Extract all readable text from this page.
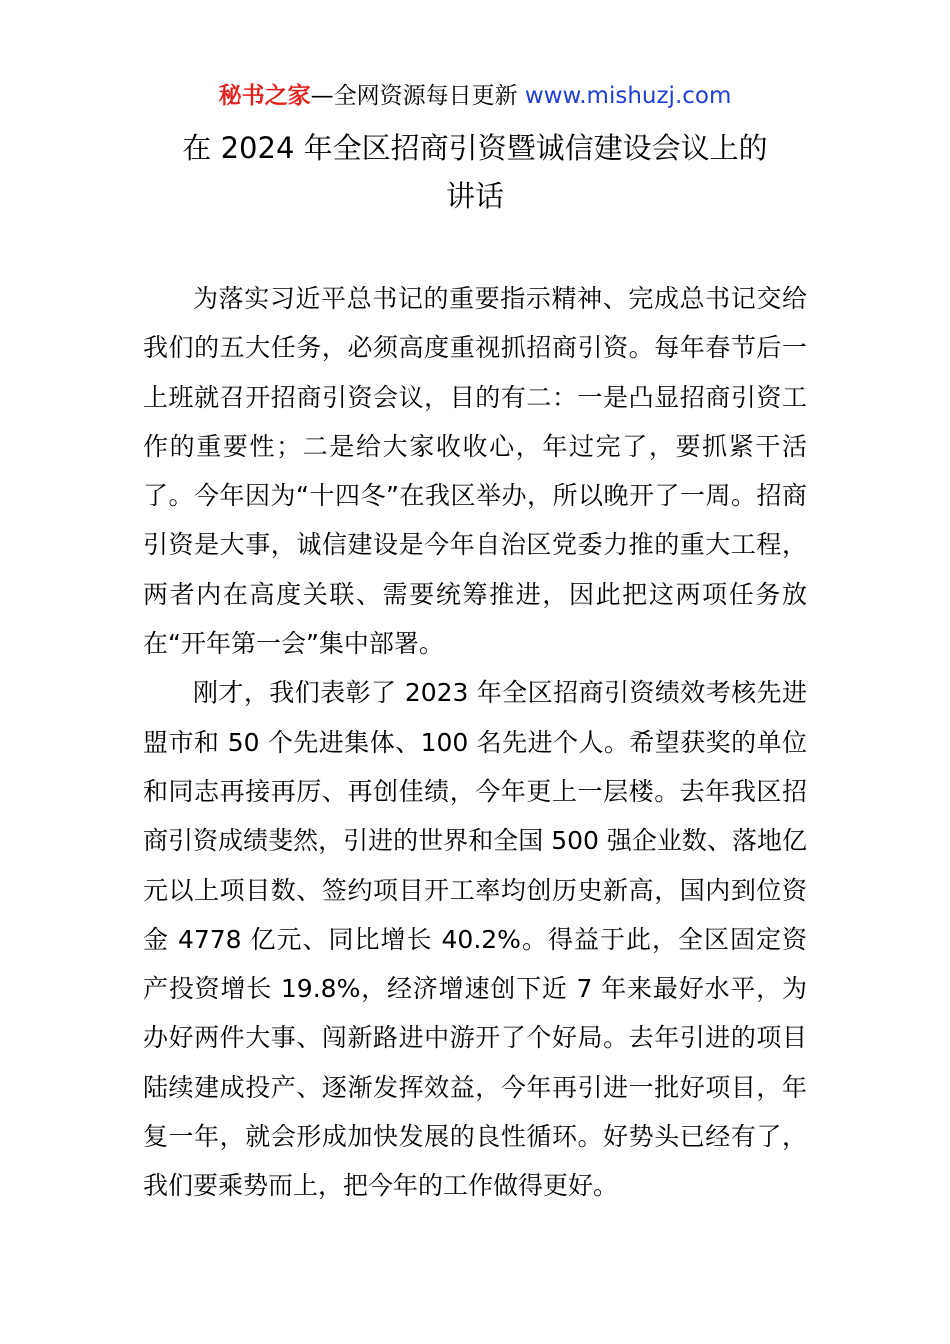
秘书之家—全网资源每日更新 www.mishuzj.com
在 2024 年全区招商引资暨诚信建设会议上的
讲话

为落实习近平总书记的重要指示精神、完成总书记交给我们的五大任务，必须高度重视抓招商引资。每年春节后一上班就召开招商引资会议，目的有二：一是凸显招商引资工作的重要性；二是给大家收收心，年过完了，要抓紧干活了。今年因为“十四冬”在我区举办，所以晚开了一周。招商引资是大事，诚信建设是今年自治区党委力推的重大工程，两者内在高度关联、需要统筹推进，因此把这两项任务放在“开年第一会”集中部署。

刚才，我们表彰了 2023 年全区招商引资绩效考核先进盟市和 50 个先进集体、100 名先进个人。希望获奖的单位和同志再接再厉、再创佳绩，今年更上一层楼。去年我区招商引资成绩斐然，引进的世界和全国 500 强企业数、落地亿元以上项目数、签约项目开工率均创历史新高，国内到位资金 4778 亿元、同比增长 40.2%。得益于此，全区固定资产投资增长 19.8%，经济增速创下近 7 年来最好水平，为办好两件大事、闯新路进中游开了个好局。去年引进的项目陆续建成投产、逐渐发挥效益，今年再引进一批好项目，年复一年，就会形成加快发展的良性循环。好势头已经有了，我们要乘势而上，把今年的工作做得更好。
